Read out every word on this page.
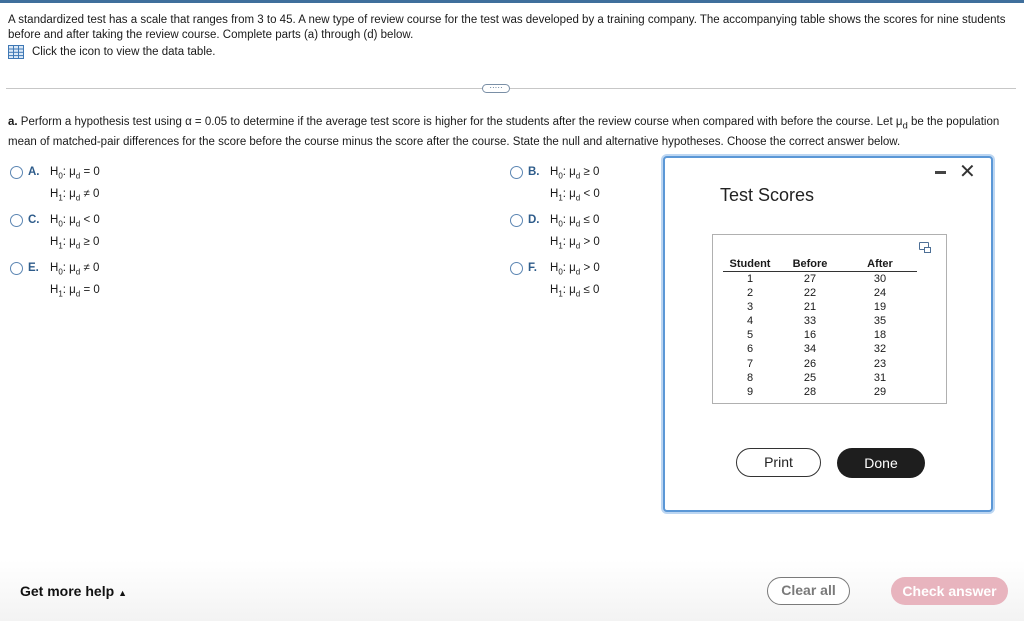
A standardized test has a scale that ranges from 3 to 45. A new type of review course for the test was developed by a training company. The accompanying table shows the scores for nine students before and after taking the review course. Complete parts (a) through (d) below.
Click the icon to view the data table.
·····
a. Perform a hypothesis test using α = 0.05 to determine if the average test score is higher for the students after the review course when compared with before the course. Let $\mu_d$ be the population mean of matched-pair differences for the score before the course minus the score after the course. State the null and alternative hypotheses. Choose the correct answer below.
A. $H_0$: $\mu_d = 0$
$H_1$: $\mu_d \ne 0$
B. $H_0$: $\mu_d \ge 0$
$H_1$: $\mu_d < 0$
C. $H_0$: $\mu_d < 0$
$H_1$: $\mu_d \ge 0$
D. $H_0$: $\mu_d \le 0$
$H_1$: $\mu_d > 0$
E. $H_0$: $\mu_d \ne 0$
$H_1$: $\mu_d = 0$
F.	$H_0$: $\mu_d > 0$
$H_1$: $\mu_d \le 0$
✕
Test Scores
Student	Before	After
1	27	30
2	22	24
3	21	19
4	33	35
5	16	18
6	34	32
7	26	23
8	25	31
9	28	29
Print	Done
Get more help ▲	Clear all	Check answer
